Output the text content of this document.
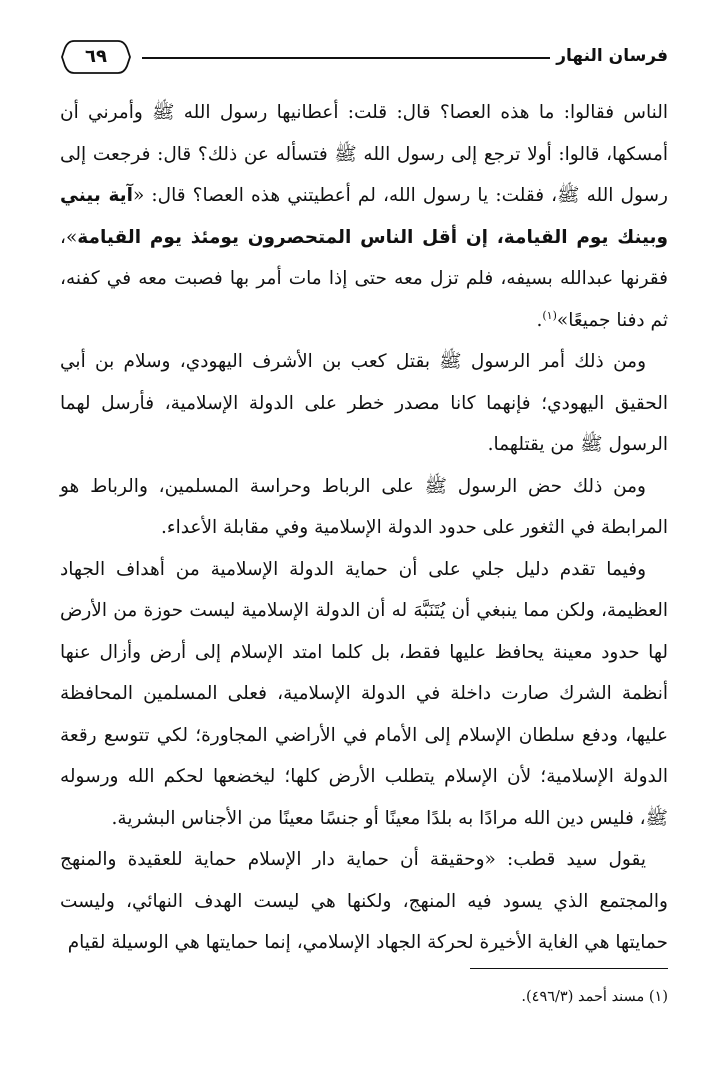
فرسان النهار
٦٩

الناس فقالوا: ما هذه العصا؟ قال: قلت: أعطانيها رسول الله ﷺ وأمرني أن أمسكها، قالوا: أولا ترجع إلى رسول الله ﷺ فتسأله عن ذلك؟ قال: فرجعت إلى رسول الله ﷺ، فقلت: يا رسول الله، لم أعطيتني هذه العصا؟ قال: «آية بيني وبينك يوم القيامة، إن أقل الناس المتحصرون يومئذ يوم القيامة»، فقرنها عبدالله بسيفه، فلم تزل معه حتى إذا مات أمر بها فصبت معه في كفنه، ثم دفنا جميعًا»$^{(١)}$.

ومن ذلك أمر الرسول ﷺ بقتل كعب بن الأشرف اليهودي، وسلام بن أبي الحقيق اليهودي؛ فإنهما كانا مصدر خطر على الدولة الإسلامية، فأرسل لهما الرسول ﷺ من يقتلهما.

ومن ذلك حض الرسول ﷺ على الرباط وحراسة المسلمين، والرباط هو المرابطة في الثغور على حدود الدولة الإسلامية وفي مقابلة الأعداء.

وفيما تقدم دليل جلي على أن حماية الدولة الإسلامية من أهداف الجهاد العظيمة، ولكن مما ينبغي أن يُتَنَبَّهَ له أن الدولة الإسلامية ليست حوزة من الأرض لها حدود معينة يحافظ عليها فقط، بل كلما امتد الإسلام إلى أرض وأزال عنها أنظمة الشرك صارت داخلة في الدولة الإسلامية، فعلى المسلمين المحافظة عليها، ودفع سلطان الإسلام إلى الأمام في الأراضي المجاورة؛ لكي تتوسع رقعة الدولة الإسلامية؛ لأن الإسلام يتطلب الأرض كلها؛ ليخضعها لحكم الله ورسوله ﷺ، فليس دين الله مرادًا به بلدًا معينًا أو جنسًا معينًا من الأجناس البشرية.

يقول سيد قطب: «وحقيقة أن حماية دار الإسلام حماية للعقيدة والمنهج والمجتمع الذي يسود فيه المنهج، ولكنها هي ليست الهدف النهائي، وليست حمايتها هي الغاية الأخيرة لحركة الجهاد الإسلامي، إنما حمايتها هي الوسيلة لقيام

(١) مسند أحمد (٤٩٦/٣).
